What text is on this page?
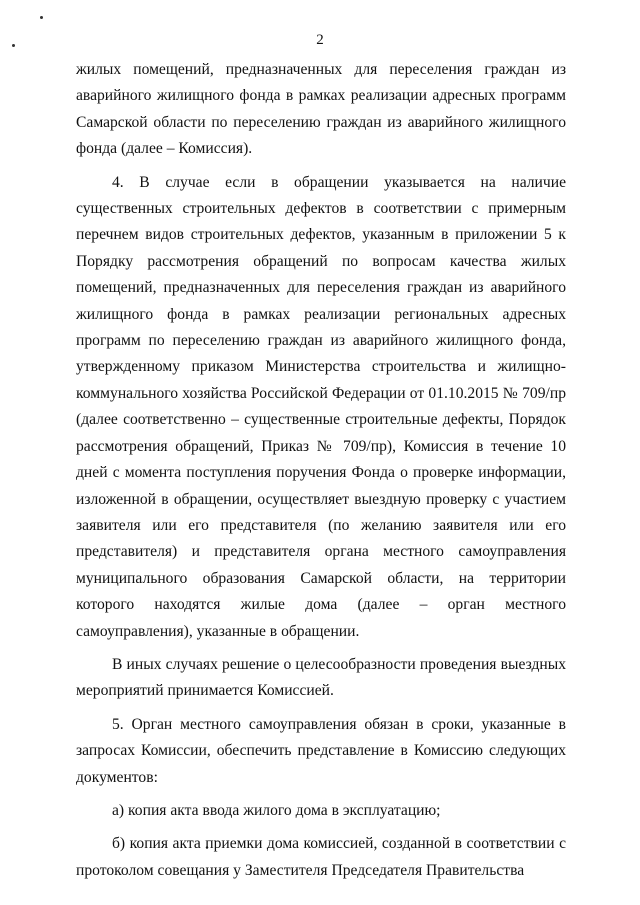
2

жилых помещений, предназначенных для переселения граждан из аварийного жилищного фонда в рамках реализации адресных программ Самарской области по переселению граждан из аварийного жилищного фонда (далее – Комиссия).

4. В случае если в обращении указывается на наличие существенных строительных дефектов в соответствии с примерным перечнем видов строительных дефектов, указанным в приложении 5 к Порядку рассмотрения обращений по вопросам качества жилых помещений, предназначенных для переселения граждан из аварийного жилищного фонда в рамках реализации региональных адресных программ по переселению граждан из аварийного жилищного фонда, утвержденному приказом Министерства строительства и жилищно-коммунального хозяйства Российской Федерации от 01.10.2015 № 709/пр (далее соответственно – существенные строительные дефекты, Порядок рассмотрения обращений, Приказ № 709/пр), Комиссия в течение 10 дней с момента поступления поручения Фонда о проверке информации, изложенной в обращении, осуществляет выездную проверку с участием заявителя или его представителя (по желанию заявителя или его представителя) и представителя органа местного самоуправления муниципального образования Самарской области, на территории которого находятся жилые дома (далее – орган местного самоуправления), указанные в обращении.

В иных случаях решение о целесообразности проведения выездных мероприятий принимается Комиссией.

5. Орган местного самоуправления обязан в сроки, указанные в запросах Комиссии, обеспечить представление в Комиссию следующих документов:

а) копия акта ввода жилого дома в эксплуатацию;

б) копия акта приемки дома комиссией, созданной в соответствии с протоколом совещания у Заместителя Председателя Правительства
